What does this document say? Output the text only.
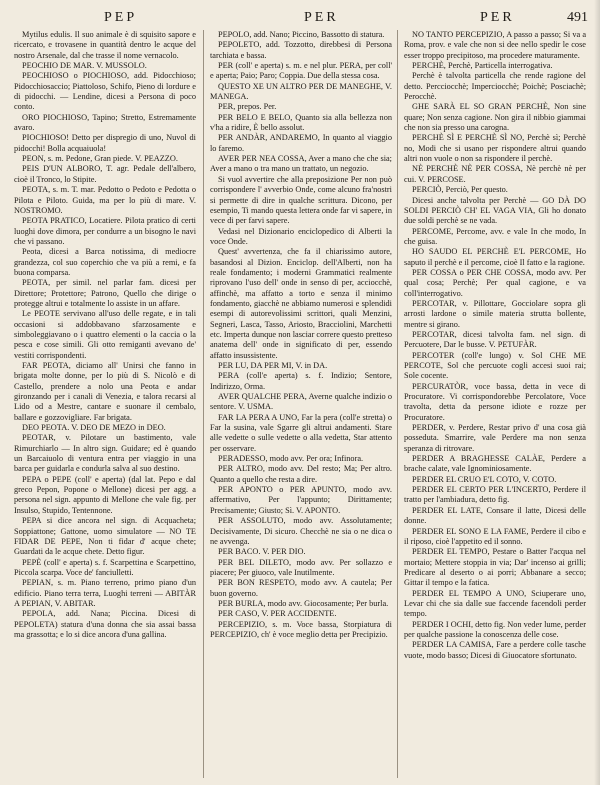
PEP	PER	PER	491

Mytilus edulis. Il suo animale è di squisito sapore e ricercato, e trovasene in quantità dentro le acque del nostro Arsenale, dal che trasse il nome vernacolo.

PEOCHIO DE MAR. V. MUSSOLO.

PEOCHIOSO o PIOCHIOSO, add. Pidocchioso; Pidocchiosaccio; Piattoloso, Schifo, Pieno di lordure e di pidocchi. — Lendine, dicesi a Persona di poco conto.

ORO PIOCHIOSO, Tapino; Stretto, Estremamente avaro.

PIOCHIOSO! Detto per dispregio di uno, Nuvol di pidocchi! Bolla acquaiuola!

PEON, s. m. Pedone, Gran piede. V. PEAZZO.

PEIS D'UN ALBORO, T. agr. Pedale dell'albero, cioè il Tronco, lo Stipite.

PEOTA, s. m. T. mar. Pedotto o Pedoto e Pedotta o Pilota e Piloto. Guida, ma per lo più di mare. V. NOSTROMO.

PEOTA PRATICO, Locatiere. Pilota pratico di certi luoghi dove dimora, per condurre a un bisogno le navi che vi passano.

Peota, dicesi a Barca notissima, di mediocre grandezza, col suo coperchio che va più a remi, e fa buona comparsa.

PEOTA, per simil. nel parlar fam. dicesi per Direttore; Protettore; Patrono, Quello che dirige o protegge altrui e totalmente lo assiste in un affare.

Le PEOTE servivano all'uso delle regate, e in tali occasioni si addobbavano sfarzosamente e simboleggiavano o i quattro elementi o la caccia o la pesca e cose simili. Gli otto remiganti avevano de' vestiti corrispondenti.

FAR PEOTA, diciamo all' Unirsi che fanno in brigata molte donne, per lo più di S. Nicolò e di Castello, prendere a nolo una Peota e andar gironzando per i canali di Venezia, e talora recarsi al Lido od a Mestre, cantare e suonare il cembalo, ballare e gozzovigliare. Far brigata.

DEO PEOTA. V. DEO DE MEZO in DEO.

PEOTAR, v. Pilotare un bastimento, vale Rimurchiarlo — In altro sign. Guidare; ed è quando un Barcaiuolo di ventura entra per viaggio in una barca per guidarla e condurla salva al suo destino.

PEPA o PEPE (coll' e aperta) (dal lat. Pepo e dal greco Pepon, Popone o Mellone) dicesi per agg. a persona nel sign. appunto di Mellone che vale fig. per Insulso, Stupido, Tentennone.

PEPA si dice ancora nel sign. di Acquacheta; Soppiattone; Gattone, uomo simulatore — NO TE FIDAR DE PEPE, Non ti fidar d' acque chete; Guardati da le acque chete. Detto figur.

PEPÈ (coll' e aperta) s. f. Scarpettina e Scarpettino, Piccola scarpa. Voce de' fanciulletti.

PEPIAN, s. m. Piano terreno, primo piano d'un edificio. Piano terra terra, Luoghi terreni — ABITÀR A PEPIAN, V. ABITAR.

PEPOLA, add. Nana; Piccina. Dicesi di PEPOLETA) statura d'una donna che sia assai bassa ma grassotta; e lo si dice ancora d'una gallina.

PEPOLO, add. Nano; Piccino, Bassotto di statura.

PEPOLETO, add. Tozzotto, direbbesi di Persona tarchiata e bassa.

PER (coll' e aperta) s. m. e nel plur. PERA, per coll' e aperta; Paio; Paro; Coppia. Due della stessa cosa.

QUESTO XE UN ALTRO PER DE MANEGHE, V. MANEGA.

PER, prepos. Per.

PER BELO E BELO, Quanto sia alla bellezza non v'ha a ridire, È bello assolut.

PER ANDÀR, ANDAREMO, In quanto al viaggio lo faremo.

AVER PER NEA COSSA, Aver a mano che che sia; Aver a mano o tra mano un trattato, un negozio.

Si vuol avvertire che alla preposizione Per non può corrispondere l' avverbio Onde, come alcuno fra'nostri si permette di dire in qualche scrittura. Dicono, per esempio, Ti mando questa lettera onde far vi sapere, in vece di per farvi sapere.

Vedasi nel Dizionario enciclopedico di Alberti la voce Onde.

Quest' avvertenza, che fa il chiarissimo autore, basandosi al Dizion. Enciclop. dell'Alberti, non ha reale fondamento; i moderni Grammatici realmente riprovano l'uso dell' onde in senso di per, acciocchè, affinchè, ma affatto a torto e senza il minimo fondamento, giacchè ne abbiamo numerosi e splendidi esempi di autorevolissimi scrittori, quali Menzini, Segneri, Lasca, Tasso, Ariosto, Bracciolini, Marchetti etc. Imperta dunque non lasciar correre questo pretteso anatema dell' onde in significato di per, essendo affatto insussistente.

PER LU, DA PER MI, V. in DA.

PERA (coll'e aperta) s. f. Indizio; Sentore, Indirizzo, Orma.

AVER QUALCHE PERA, Averne qualche indizio o sentore. V. USMA.

FAR LA PERA A UNO, Far la pera (coll'e stretta) o Far la susina, vale Sgarre gli altrui andamenti. Stare alle vedette o sulle vedette o alla vedetta, Star attento per osservare.

PERADESSO, modo avv. Per ora; Infinora.

PER ALTRO, modo avv. Del resto; Ma; Per altro. Quanto a quello che resta a dire.

PER APONTO o PER APUNTO, modo avv. affermativo, Per l'appunto; Dirittamente; Precisamente; Giusto; Sì. V. APONTO.

PER ASSOLUTO, modo avv. Assolutamente; Decisivamente, Di sicuro. Checchè ne sia o ne dica o ne avvenga.

PER BACO. V. PER DIO.

PER BEL DILETO, modo avv. Per sollazzo e piacere; Per giuoco, vale Inutilmente.

PER BON RESPETO, modo avv. A cautela; Per buon governo.

PER BURLA, modo avv. Giocosamente; Per burla.

PER CASO, V. PER ACCIDENTE.

PERCEPIZIO, s. m. Voce bassa, Storpiatura di PERCEPIZIO, ch' è voce meglio detta per Precipizio.

NO TANTO PERCEPIZIO, A passo a passo; Si va a Roma, prov. e vale che non si dee nello spedir le cose esser troppo precipitoso, ma procedere maturamente.

PERCHÈ, Perchè, Particella interrogativa.

Perchè è talvolta particella che rende ragione del detto. Percciocchè; Imperciocchè; Poichè; Posciachè; Perocchè.

GHE SARÀ EL SO GRAN PERCHÈ, Non sine quare; Non senza cagione. Non gira il nibbio giammai che non sia presso una carogna.

PERCHÈ SÌ E PERCHÈ SÌ NO, Perchè sì; Perchè no, Modi che si usano per rispondere altrui quando altri non vuole o non sa rispondere il perchè.

NÈ PERCHÈ NÈ PER COSSA, Nè perchè nè per cui. V. PERCOSE.

PERCIÒ, Perciò, Per questo.

Dicesi anche talvolta per Perchè — GO DÀ DO SOLDI PERCIÒ CH' EL VAGA VIA, Gli ho donato due soldi perchè se ne vada.

PERCOME, Percome, avv. e vale In che modo, In che guisa.

HO SAUDO EL PERCHÈ E'L PERCOME, Ho saputo il perchè e il percome, cioè Il fatto e la ragione.

PER COSSA o PER CHE COSSA, modo avv. Per qual cosa; Perchè; Per qual cagione, e va coll'interrogativo.

PERCOTAR, v. Pillottare, Gocciolare sopra gli arrosti lardone o simile materia strutta bollente, mentre si girano.

PERCOTAR, dicesi talvolta fam. nel sign. di Percuotere, Dar le busse. V. PETUFÀR.

PERCOTER (coll'e lungo) v. Sol CHE ME PERCOTE, Sol che percuote cogli accesi suoi rai; Sole cocente.

PERCURATÒR, voce bassa, detta in vece di Procuratore. Vi corrispondorebbe Percolatore, Voce travolta, detta da persone idiote e rozze per Procuratore.

PERDER, v. Perdere, Restar privo d' una cosa già posseduta. Smarrire, vale Perdere ma non senza speranza di ritrovare.

PERDER A BRAGHESSE CALÀE, Perdere a brache calate, vale Ignominiosamente.

PERDER EL CRUO E'L COTO, V. COTO.

PERDER EL CERTO PER L'INCERTO, Perdere il tratto per l'ambiadura, detto fig.

PERDER EL LATE, Consare il latte, Dicesi delle donne.

PERDER EL SONO E LA FAME, Perdere il cibo e il riposo, cioè l'appetito ed il sonno.

PERDER EL TEMPO, Pestare o Batter l'acqua nel mortaio; Mettere stoppia in via; Dar' incenso ai grilli; Predicare al deserto o ai porri; Abbanare a secco; Gittar il tempo e la fatica.

PERDER EL TEMPO A UNO, Sciuperare uno, Levar chi che sia dalle sue faccende facendoli perder tempo.

PERDER I OCHI, detto fig. Non veder lume, perder per qualche passione la conoscenza delle cose.

PERDER LA CAMISA, Fare a perdere colle tasche vuote, modo basso; Dicesi di Giuocatore sfortunato.
